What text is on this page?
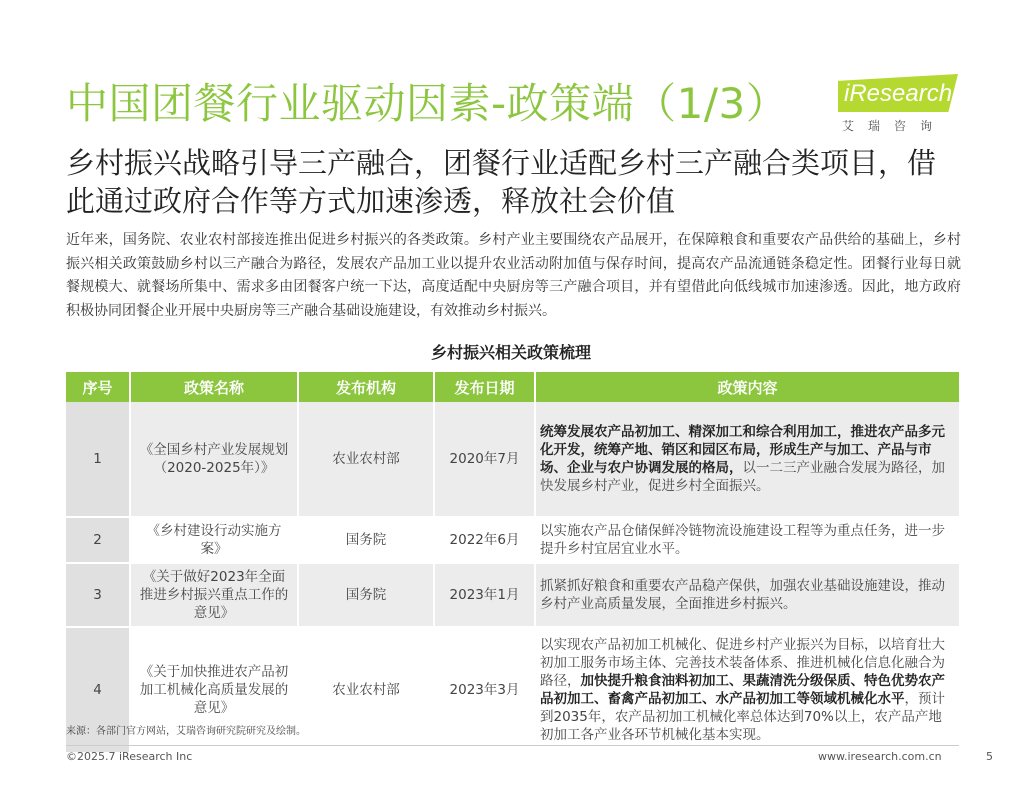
中国团餐行业驱动因素-政策端（1/3）	iResearch
艾瑞咨询
乡村振兴战略引导三产融合，团餐行业适配乡村三产融合类项目，借此通过政府合作等方式加速渗透，释放社会价值
近年来，国务院、农业农村部接连推出促进乡村振兴的各类政策。乡村产业主要围绕农产品展开，在保障粮食和重要农产品供给的基础上，乡村振兴相关政策鼓励乡村以三产融合为路径，发展农产品加工业以提升农业活动附加值与保存时间，提高农产品流通链条稳定性。团餐行业每日就餐规模大、就餐场所集中、需求多由团餐客户统一下达，高度适配中央厨房等三产融合项目，并有望借此向低线城市加速渗透。因此，地方政府积极协同团餐企业开展中央厨房等三产融合基础设施建设，有效推动乡村振兴。
乡村振兴相关政策梳理
序号	政策名称	发布机构	发布日期	政策内容
1	《全国乡村产业发展规划（2020-2025年）》	农业农村部	2020年7月	统筹发展农产品初加工、精深加工和综合利用加工，推进农产品多元化开发，统筹产地、销区和园区布局，形成生产与加工、产品与市场、企业与农户协调发展的格局，以一二三产业融合发展为路径，加快发展乡村产业，促进乡村全面振兴。
2	《乡村建设行动实施方案》	国务院	2022年6月	以实施农产品仓储保鲜冷链物流设施建设工程等为重点任务，进一步提升乡村宜居宜业水平。
3	《关于做好2023年全面推进乡村振兴重点工作的意见》	国务院	2023年1月	抓紧抓好粮食和重要农产品稳产保供，加强农业基础设施建设，推动乡村产业高质量发展，全面推进乡村振兴。
4	《关于加快推进农产品初加工机械化高质量发展的意见》	农业农村部	2023年3月	以实现农产品初加工机械化、促进乡村产业振兴为目标，以培育壮大初加工服务市场主体、完善技术装备体系、推进机械化信息化融合为路径，加快提升粮食油料初加工、果蔬清洗分级保质、特色优势农产品初加工、畜禽产品初加工、水产品初加工等领域机械化水平，预计到2035年，农产品初加工机械化率总体达到70%以上，农产品产地初加工各产业各环节机械化基本实现。
来源：各部门官方网站，艾瑞咨询研究院研究及绘制。
©2025.7 iResearch Inc	www.iresearch.com.cn	5
